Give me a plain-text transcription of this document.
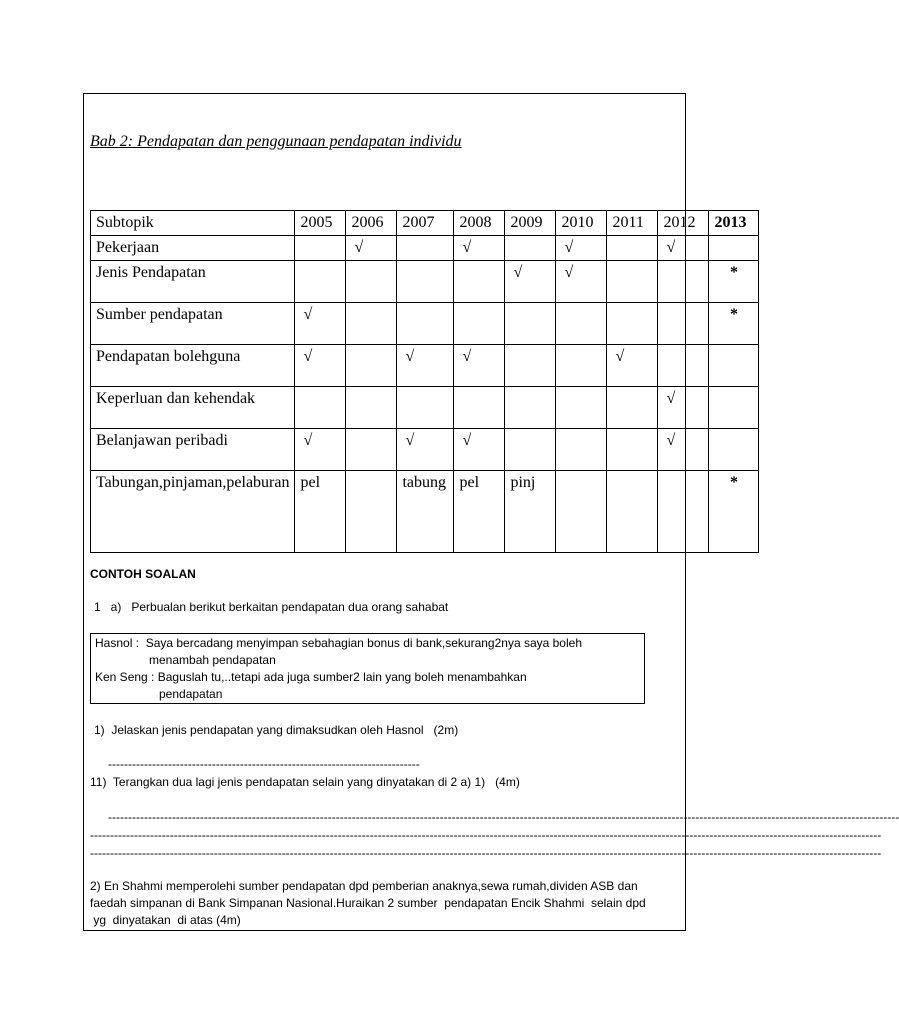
Bab 2: Pendapatan dan penggunaan pendapatan individu
Subtopik	2005	2006	2007	2008	2009	2010	2011	2012	2013
Pekerjaan		√		√		√		√	
Jenis Pendapatan					√	√			*
Sumber pendapatan	√								*
Pendapatan bolehguna	√		√	√			√		
Keperluan dan kehendak								√	
Belanjawan peribadi	√		√	√				√	
Tabungan,pinjaman,pelaburan	pel		tabung	pel	pinj				*
CONTOH SOALAN
1   a)   Perbualan berikut berkaitan pendapatan dua orang sahabat
Hasnol :  Saya bercadang menyimpan sebahagian bonus di bank,sekurang2nya saya boleh
menambah pendapatan
Ken Seng : Baguslah tu,..tetapi ada juga sumber2 lain yang boleh menambahkan
pendapatan
1)  Jelaskan jenis pendapatan yang dimaksudkan oleh Hasnol   (2m)
------------------------------------------------------------------------------
11)  Terangkan dua lagi jenis pendapatan selain yang dinyatakan di 2 a) 1)   (4m)
------------------------------------------------------------------------------------------------------------------------------------------------------------------------------------------------------
------------------------------------------------------------------------------------------------------------------------------------------------------------------------------------------------------
------------------------------------------------------------------------------------------------------------------------------------------------------------------------------------------------------
2) En Shahmi memperolehi sumber pendapatan dpd pemberian anaknya,sewa rumah,dividen ASB dan
faedah simpanan di Bank Simpanan Nasional.Huraikan 2 sumber  pendapatan Encik Shahmi  selain dpd
yg  dinyatakan  di atas (4m)
